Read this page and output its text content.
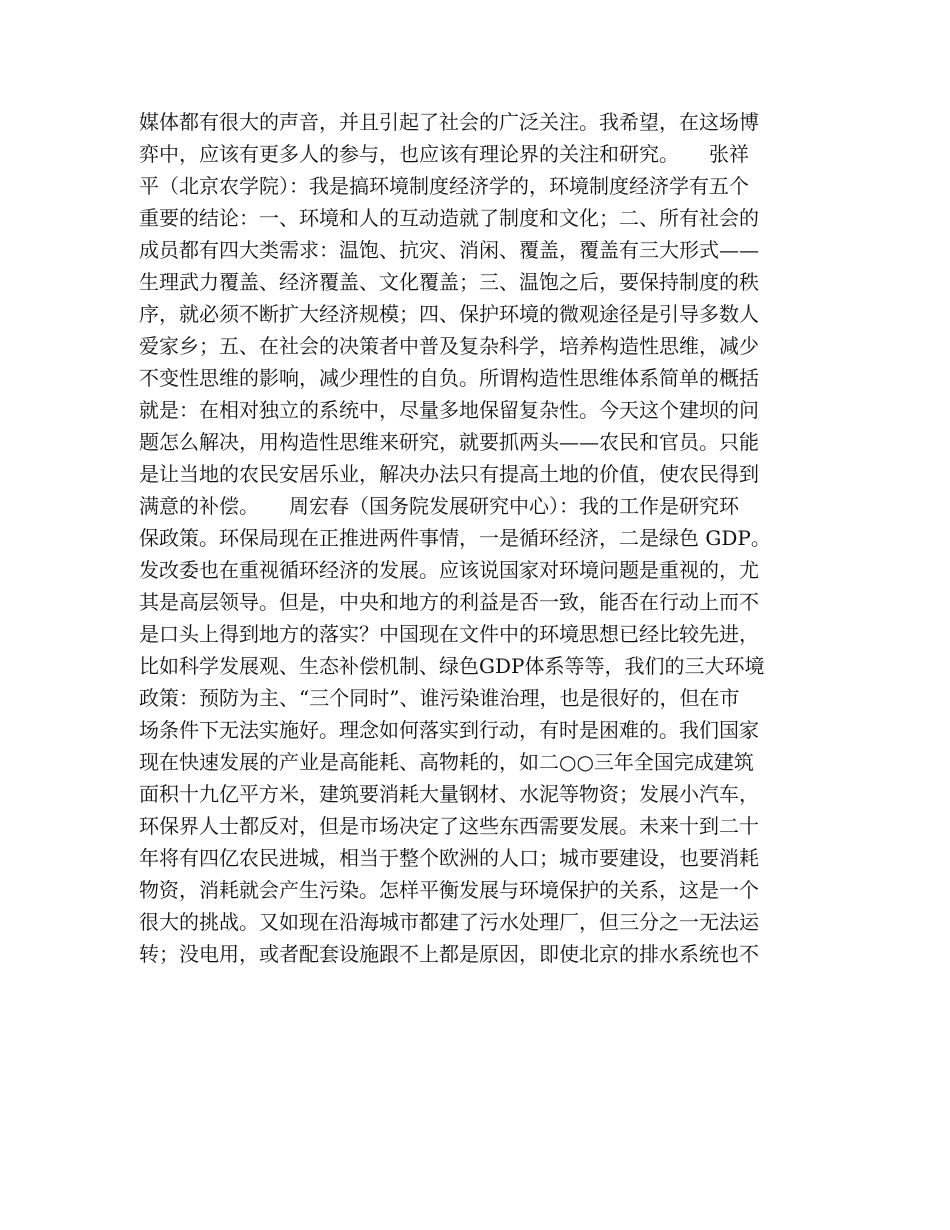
媒体都有很大的声音，并且引起了社会的广泛关注。我希望，在这场博
弈中，应该有更多人的参与，也应该有理论界的关注和研究。　　张祥
平（北京农学院）：我是搞环境制度经济学的，环境制度经济学有五个
重要的结论：一、环境和人的互动造就了制度和文化；二、所有社会的
成员都有四大类需求：温饱、抗灾、消闲、覆盖，覆盖有三大形式——
生理武力覆盖、经济覆盖、文化覆盖；三、温饱之后，要保持制度的秩
序，就必须不断扩大经济规模；四、保护环境的微观途径是引导多数人
爱家乡；五、在社会的决策者中普及复杂科学，培养构造性思维，减少
不变性思维的影响，减少理性的自负。所谓构造性思维体系简单的概括
就是：在相对独立的系统中，尽量多地保留复杂性。今天这个建坝的问
题怎么解决，用构造性思维来研究，就要抓两头——农民和官员。只能
是让当地的农民安居乐业，解决办法只有提高土地的价值，使农民得到
满意的补偿。　　周宏春（国务院发展研究中心）：我的工作是研究环
保政策。环保局现在正推进两件事情，一是循环经济，二是绿色 GDP。
发改委也在重视循环经济的发展。应该说国家对环境问题是重视的，尤
其是高层领导。但是，中央和地方的利益是否一致，能否在行动上而不
是口头上得到地方的落实？中国现在文件中的环境思想已经比较先进，
比如科学发展观、生态补偿机制、绿色GDP体系等等，我们的三大环境
政策：预防为主、“三个同时”、谁污染谁治理，也是很好的，但在市
场条件下无法实施好。理念如何落实到行动，有时是困难的。我们国家
现在快速发展的产业是高能耗、高物耗的，如二○○三年全国完成建筑
面积十九亿平方米，建筑要消耗大量钢材、水泥等物资；发展小汽车，
环保界人士都反对，但是市场决定了这些东西需要发展。未来十到二十
年将有四亿农民进城，相当于整个欧洲的人口；城市要建设，也要消耗
物资，消耗就会产生污染。怎样平衡发展与环境保护的关系，这是一个
很大的挑战。又如现在沿海城市都建了污水处理厂，但三分之一无法运
转；没电用，或者配套设施跟不上都是原因，即使北京的排水系统也不
